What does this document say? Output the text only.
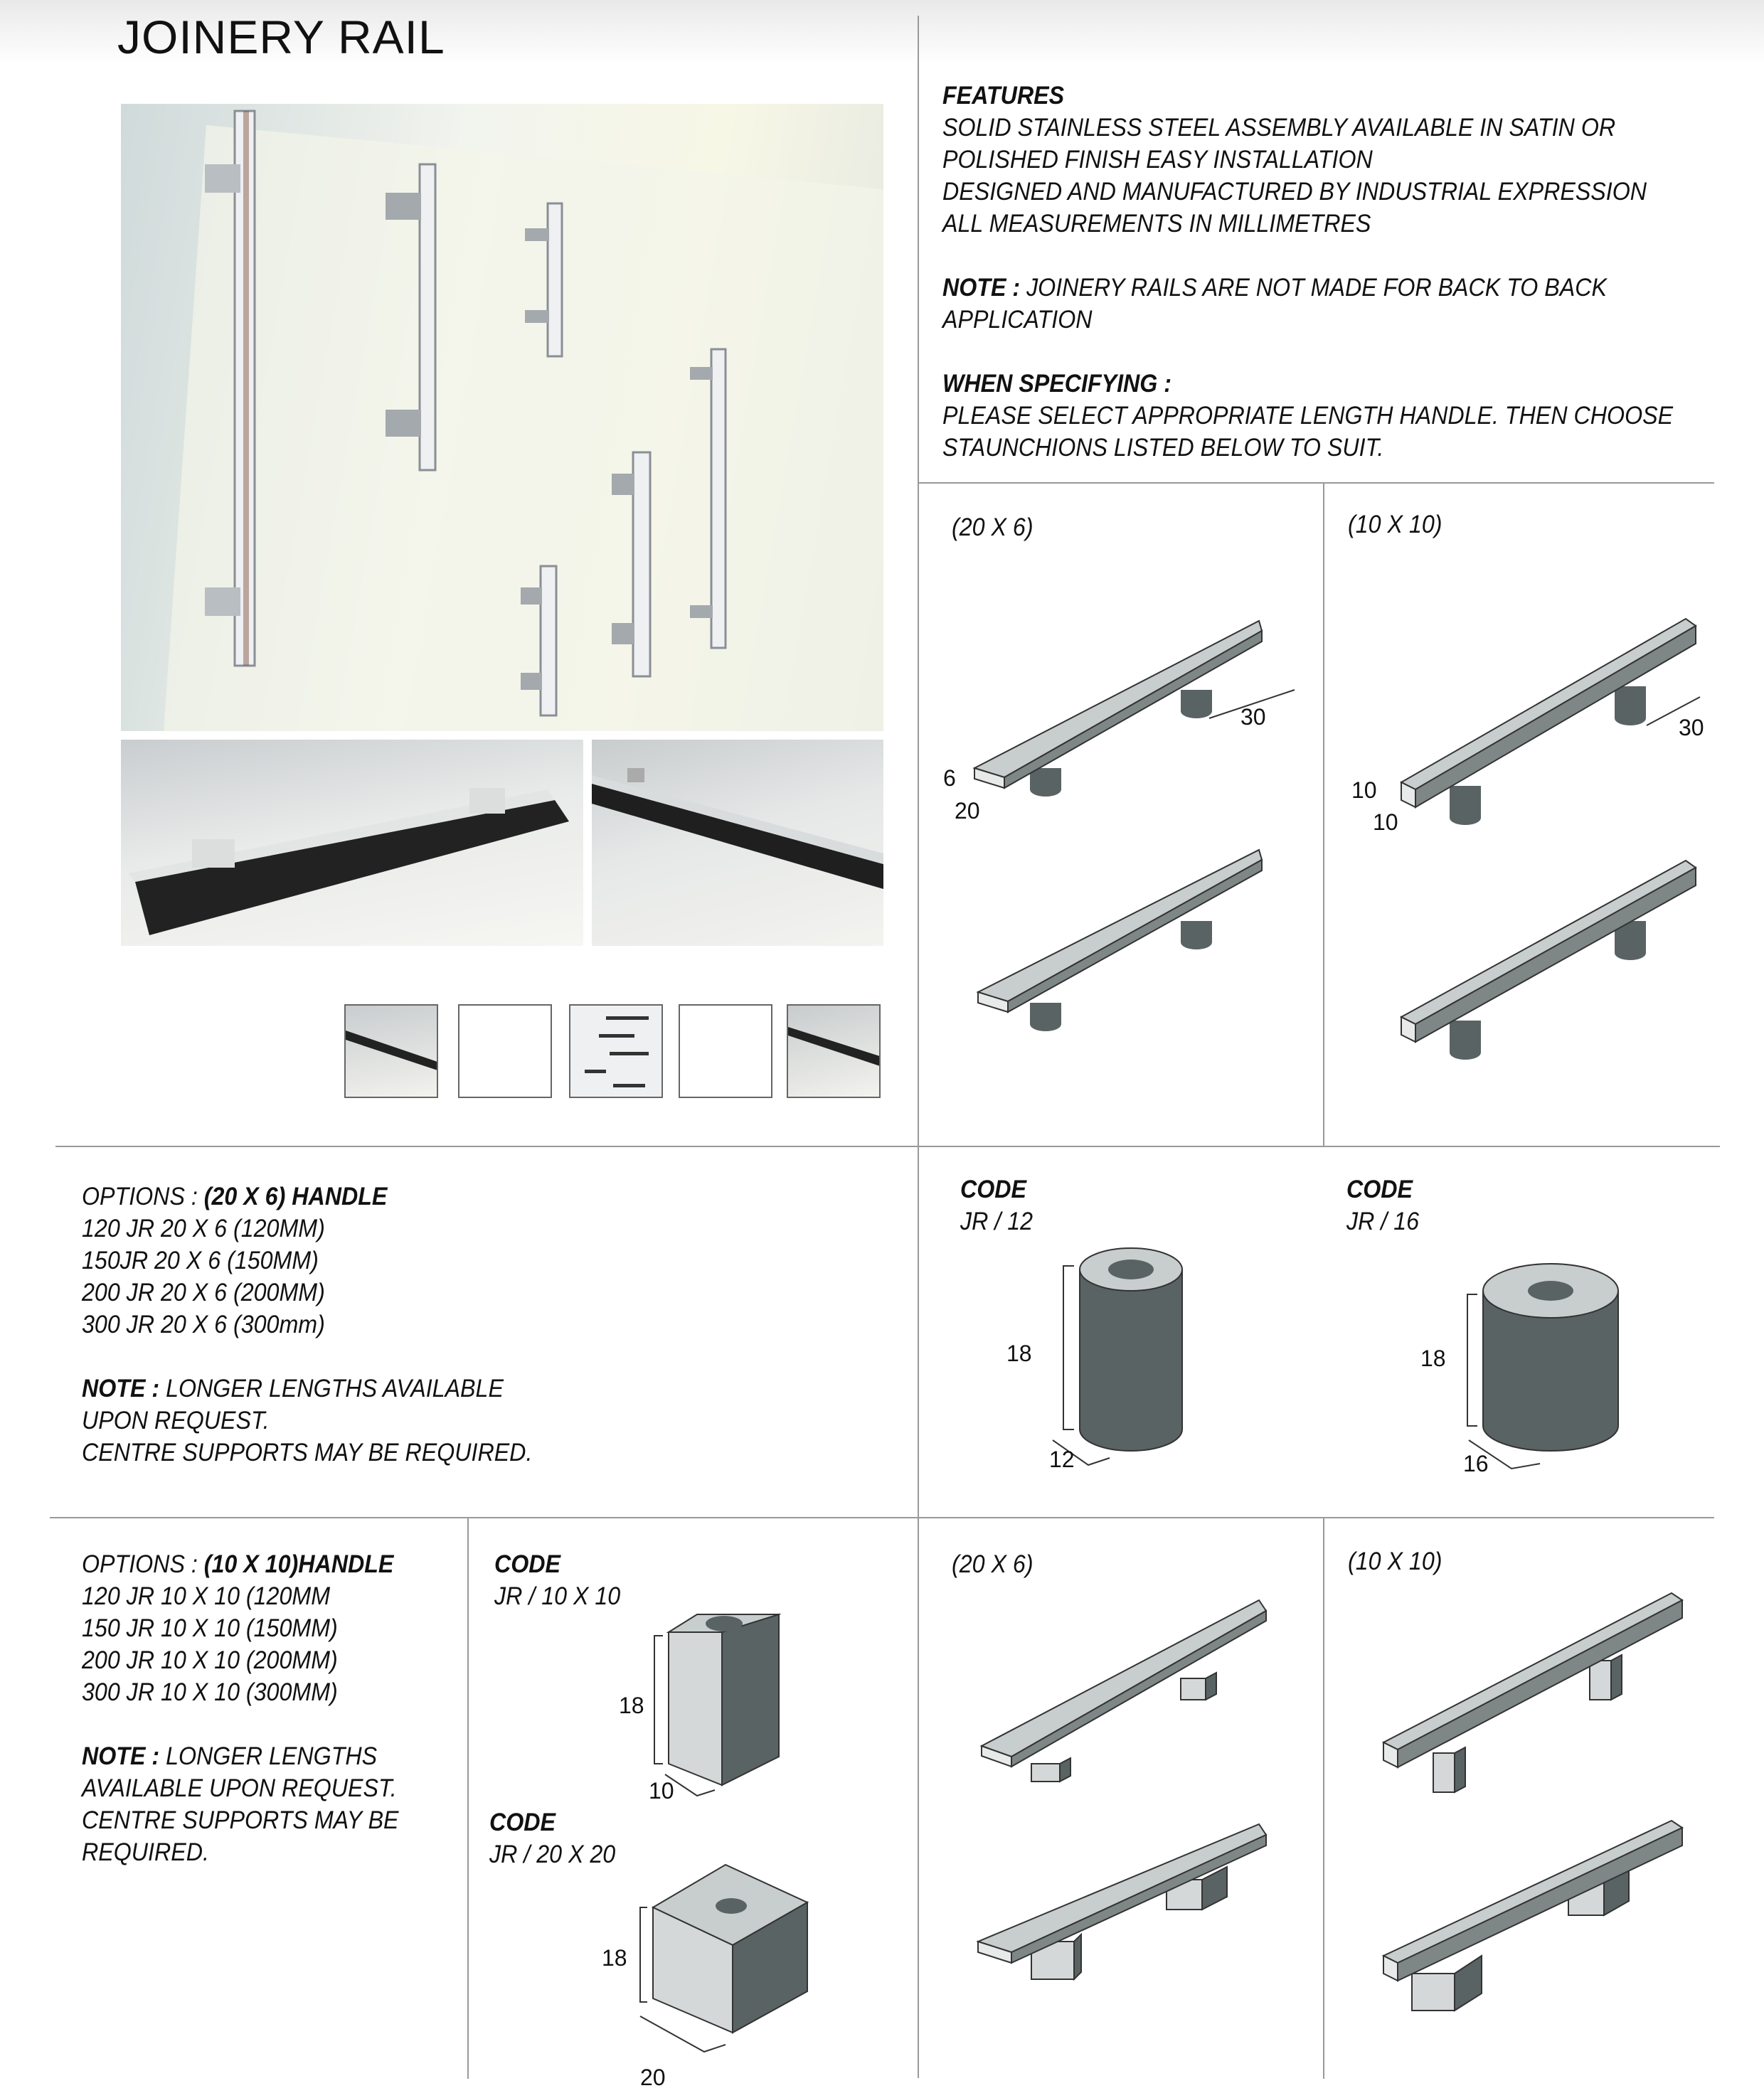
JOINERY RAIL
FEATURES
SOLID STAINLESS STEEL ASSEMBLY AVAILABLE IN SATIN OR
POLISHED FINISH EASY INSTALLATION
DESIGNED AND MANUFACTURED BY INDUSTRIAL EXPRESSION
ALL MEASUREMENTS IN MILLIMETRES
NOTE : JOINERY RAILS ARE NOT MADE FOR BACK TO BACK
APPLICATION
WHEN SPECIFYING :
PLEASE SELECT APPROPRIATE LENGTH HANDLE. THEN CHOOSE
STAUNCHIONS LISTED BELOW TO SUIT.
(20 X 6)	(10 X 10)
30
6
20
30
10
10
OPTIONS : (20 X 6) HANDLE
120 JR 20 X 6 (120MM)
150JR 20 X 6 (150MM)
200 JR 20 X 6 (200MM)
300 JR 20 X 6 (300mm)
NOTE : LONGER LENGTHS AVAILABLE
UPON REQUEST.
CENTRE SUPPORTS MAY BE REQUIRED.
CODE
JR / 12
18
12
CODE
JR / 16
18
16
OPTIONS : (10 X 10)HANDLE
120 JR 10 X 10 (120MM
150 JR 10 X 10 (150MM)
200 JR 10 X 10 (200MM)
300 JR 10 X 10 (300MM)
NOTE : LONGER LENGTHS
AVAILABLE UPON REQUEST.
CENTRE SUPPORTS MAY BE
REQUIRED.
CODE
JR / 10 X 10
18
10
CODE
JR / 20 X 20
18
20
(20 X 6)	(10 X 10)
